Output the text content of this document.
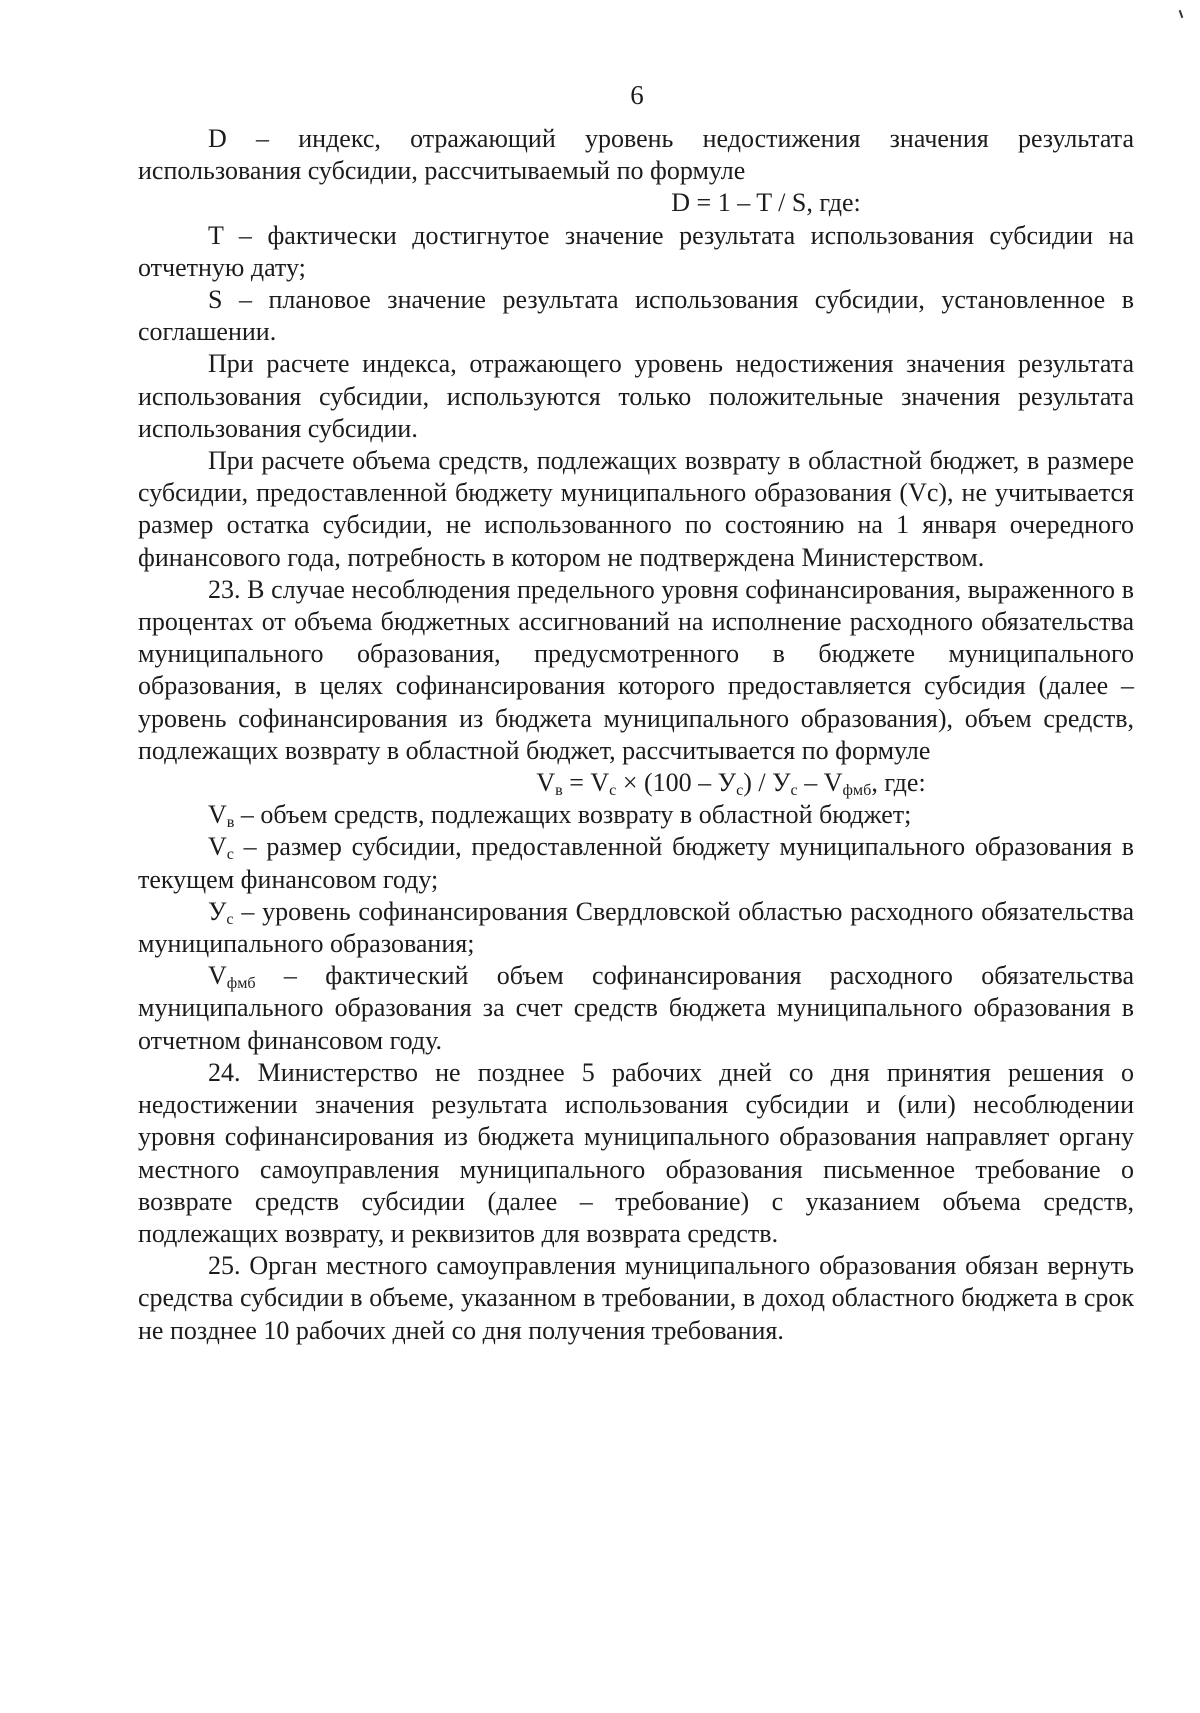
6

D – индекс, отражающий уровень недостижения значения результата использования субсидии, рассчитываемый по формуле

D = 1 – T / S, где:

T – фактически достигнутое значение результата использования субсидии на отчетную дату;

S – плановое значение результата использования субсидии, установленное в соглашении.

При расчете индекса, отражающего уровень недостижения значения результата использования субсидии, используются только положительные значения результата использования субсидии.

При расчете объема средств, подлежащих возврату в областной бюджет, в размере субсидии, предоставленной бюджету муниципального образования (Vc), не учитывается размер остатка субсидии, не использованного по состоянию на 1 января очередного финансового года, потребность в котором не подтверждена Министерством.

23. В случае несоблюдения предельного уровня софинансирования, выраженного в процентах от объема бюджетных ассигнований на исполнение расходного обязательства муниципального образования, предусмотренного в бюджете муниципального образования, в целях софинансирования которого предоставляется субсидия (далее – уровень софинансирования из бюджета муниципального образования), объем средств, подлежащих возврату в областной бюджет, рассчитывается по формуле

$V_в = V_с \times (100 - У_с) / У_с - V_{фмб}$, где:

$V_в$ – объем средств, подлежащих возврату в областной бюджет;

$V_с$ – размер субсидии, предоставленной бюджету муниципального образования в текущем финансовом году;

$У_с$ – уровень софинансирования Свердловской областью расходного обязательства муниципального образования;

$V_{фмб}$ – фактический объем софинансирования расходного обязательства муниципального образования за счет средств бюджета муниципального образования в отчетном финансовом году.

24. Министерство не позднее 5 рабочих дней со дня принятия решения о недостижении значения результата использования субсидии и (или) несоблюдении уровня софинансирования из бюджета муниципального образования направляет органу местного самоуправления муниципального образования письменное требование о возврате средств субсидии (далее – требование) с указанием объема средств, подлежащих возврату, и реквизитов для возврата средств.

25. Орган местного самоуправления муниципального образования обязан вернуть средства субсидии в объеме, указанном в требовании, в доход областного бюджета в срок не позднее 10 рабочих дней со дня получения требования.
